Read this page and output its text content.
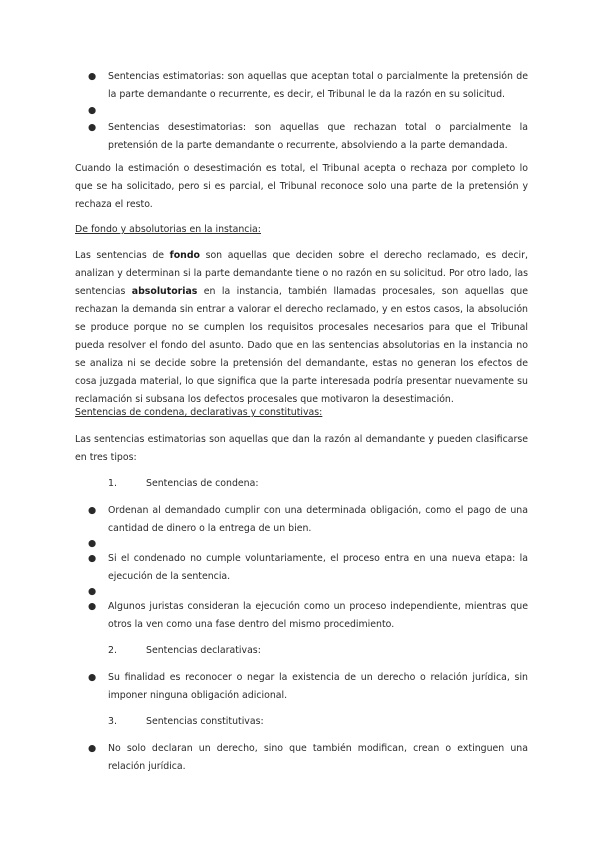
●	Sentencias estimatorias: son aquellas que aceptan total o parcialmente la pretensión de la parte demandante o recurrente, es decir, el Tribunal le da la razón en su solicitud.
●
●	Sentencias desestimatorias: son aquellas que rechazan total o parcialmente la pretensión de la parte demandante o recurrente, absolviendo a la parte demandada.

Cuando la estimación o desestimación es total, el Tribunal acepta o rechaza por completo lo que se ha solicitado, pero si es parcial, el Tribunal reconoce solo una parte de la pretensión y rechaza el resto.

De fondo y absolutorias en la instancia:

Las sentencias de fondo son aquellas que deciden sobre el derecho reclamado, es decir, analizan y determinan si la parte demandante tiene o no razón en su solicitud. Por otro lado, las sentencias absolutorias en la instancia, también llamadas procesales, son aquellas que rechazan la demanda sin entrar a valorar el derecho reclamado, y en estos casos, la absolución se produce porque no se cumplen los requisitos procesales necesarios para que el Tribunal pueda resolver el fondo del asunto. Dado que en las sentencias absolutorias en la instancia no se analiza ni se decide sobre la pretensión del demandante, estas no generan los efectos de cosa juzgada material, lo que significa que la parte interesada podría presentar nuevamente su reclamación si subsana los defectos procesales que motivaron la desestimación.

Sentencias de condena, declarativas y constitutivas:

Las sentencias estimatorias son aquellas que dan la razón al demandante y pueden clasificarse en tres tipos:

1.	Sentencias de condena:
●	Ordenan al demandado cumplir con una determinada obligación, como el pago de una cantidad de dinero o la entrega de un bien.
●
●	Si el condenado no cumple voluntariamente, el proceso entra en una nueva etapa: la ejecución de la sentencia.
●
●	Algunos juristas consideran la ejecución como un proceso independiente, mientras que otros la ven como una fase dentro del mismo procedimiento.
2.	Sentencias declarativas:
●	Su finalidad es reconocer o negar la existencia de un derecho o relación jurídica, sin imponer ninguna obligación adicional.
3.	Sentencias constitutivas:
●	No solo declaran un derecho, sino que también modifican, crean o extinguen una relación jurídica.
